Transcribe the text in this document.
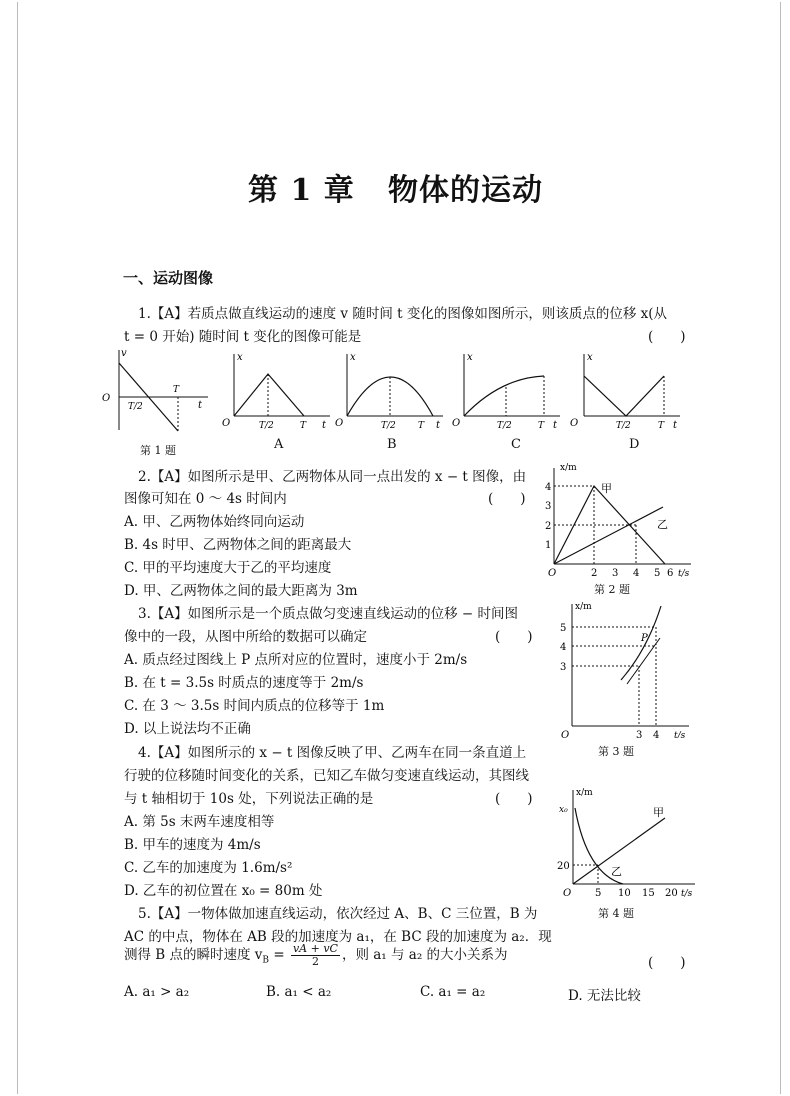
第 1 章 物体的运动
一、运动图像
1.【A】若质点做直线运动的速度 v 随时间 t 变化的图像如图所示，则该质点的位移 x(从
t = 0 开始) 随时间 t 变化的图像可能是	(　　)
v
O
T/2
T
t
第 1 题
x
O	T/2	T t
A
x
O	T/2 T t
B
x
O	T/2	T t
C
x
O	T/2	T t
D
2.【A】如图所示是甲、乙两物体从同一点出发的 x − t 图像，由
图像可知在 0 ～ 4s 时间内	(　　)
A. 甲、乙两物体始终同向运动
B. 4s 时甲、乙两物体之间的距离最大
C. 甲的平均速度大于乙的平均速度
D. 甲、乙两物体之间的最大距离为 3m
x/m
4
3
2
1
O	2 3 4 5 6 t/s
甲
乙
第 2 题
3.【A】如图所示是一个质点做匀变速直线运动的位移 − 时间图
像中的一段，从图中所给的数据可以确定	(　　)
A. 质点经过图线上 P 点所对应的位置时，速度小于 2m/s
B. 在 t = 3.5s 时质点的速度等于 2m/s
C. 在 3 ～ 3.5s 时间内质点的位移等于 1m
D. 以上说法均不正确
x/m
5
4
3
O	3 4 t/s
P
第 3 题
4.【A】如图所示的 x − t 图像反映了甲、乙两车在同一条直道上
行驶的位移随时间变化的关系，已知乙车做匀变速直线运动，其图线
与 t 轴相切于 10s 处，下列说法正确的是	(　　)
A. 第 5s 末两车速度相等
B. 甲车的速度为 4m/s
C. 乙车的加速度为 1.6m/s²
D. 乙车的初位置在 x₀ = 80m 处
x/m
x₀
20
O 5 10 15 20 t/s
甲
乙
第 4 题
5.【A】一物体做加速直线运动，依次经过 A、B、C 三位置，B 为
AC 的中点，物体在 AB 段的加速度为 a₁，在 BC 段的加速度为 a₂．现
测得 B 点的瞬时速度 $v_B = \frac{vA + vC}{2}$ ，则 a₁ 与 a₂ 的大小关系为	(　　)
A. a₁ > a₂	B. a₁ < a₂	C. a₁ = a₂	D. 无法比较
